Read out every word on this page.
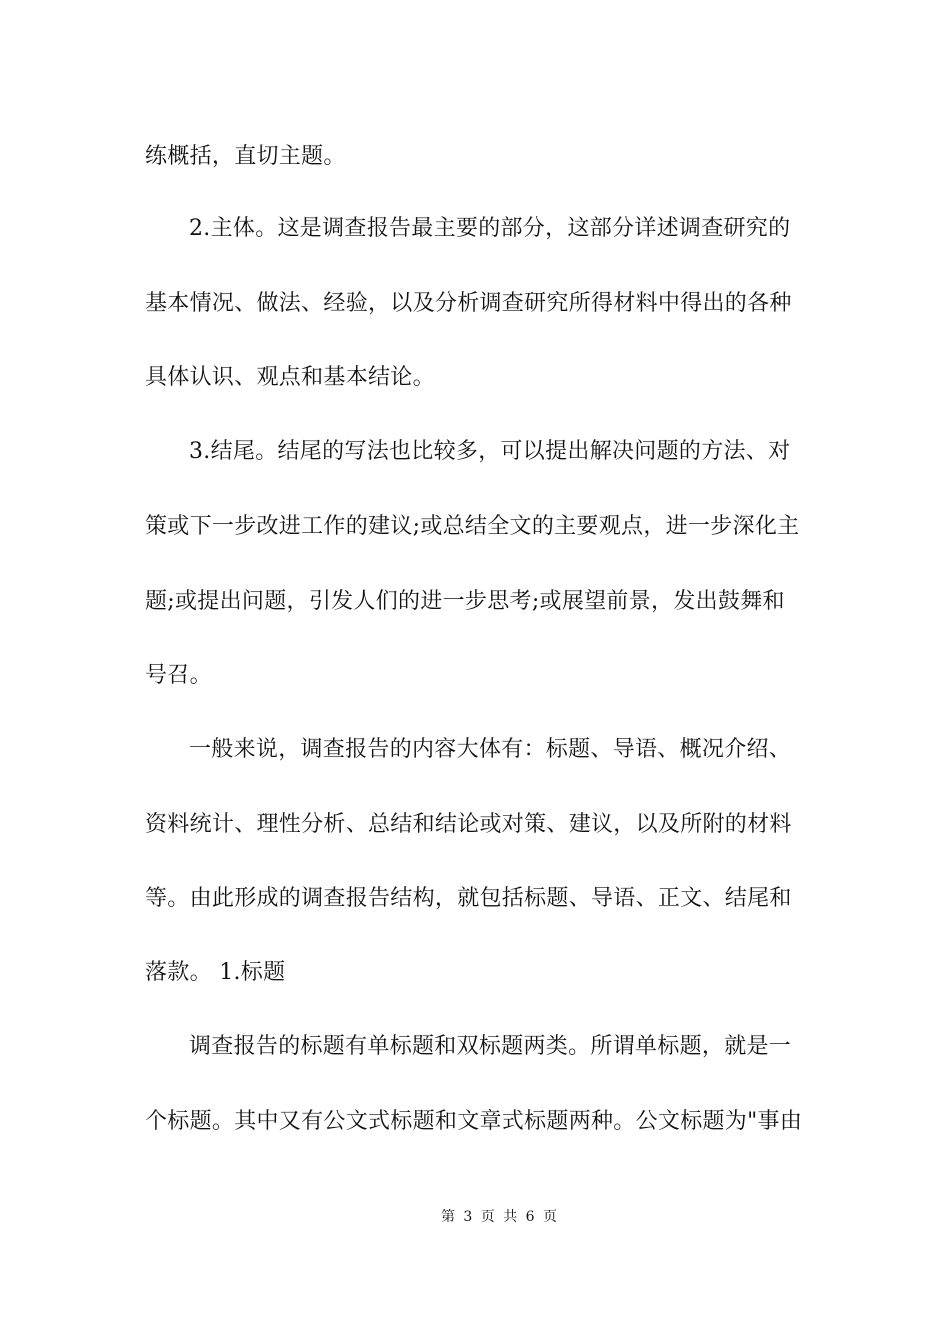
练概括，直切主题。
2.主体。这是调查报告最主要的部分，这部分详述调查研究的
基本情况、做法、经验，以及分析调查研究所得材料中得出的各种
具体认识、观点和基本结论。
3.结尾。结尾的写法也比较多，可以提出解决问题的方法、对
策或下一步改进工作的建议;或总结全文的主要观点，进一步深化主
题;或提出问题，引发人们的进一步思考;或展望前景，发出鼓舞和
号召。
一般来说，调查报告的内容大体有：标题、导语、概况介绍、
资料统计、理性分析、总结和结论或对策、建议，以及所附的材料
等。由此形成的调查报告结构，就包括标题、导语、正文、结尾和
落款。 1.标题
调查报告的标题有单标题和双标题两类。所谓单标题，就是一
个标题。其中又有公文式标题和文章式标题两种。公文标题为"事由
第 3 页 共 6 页
